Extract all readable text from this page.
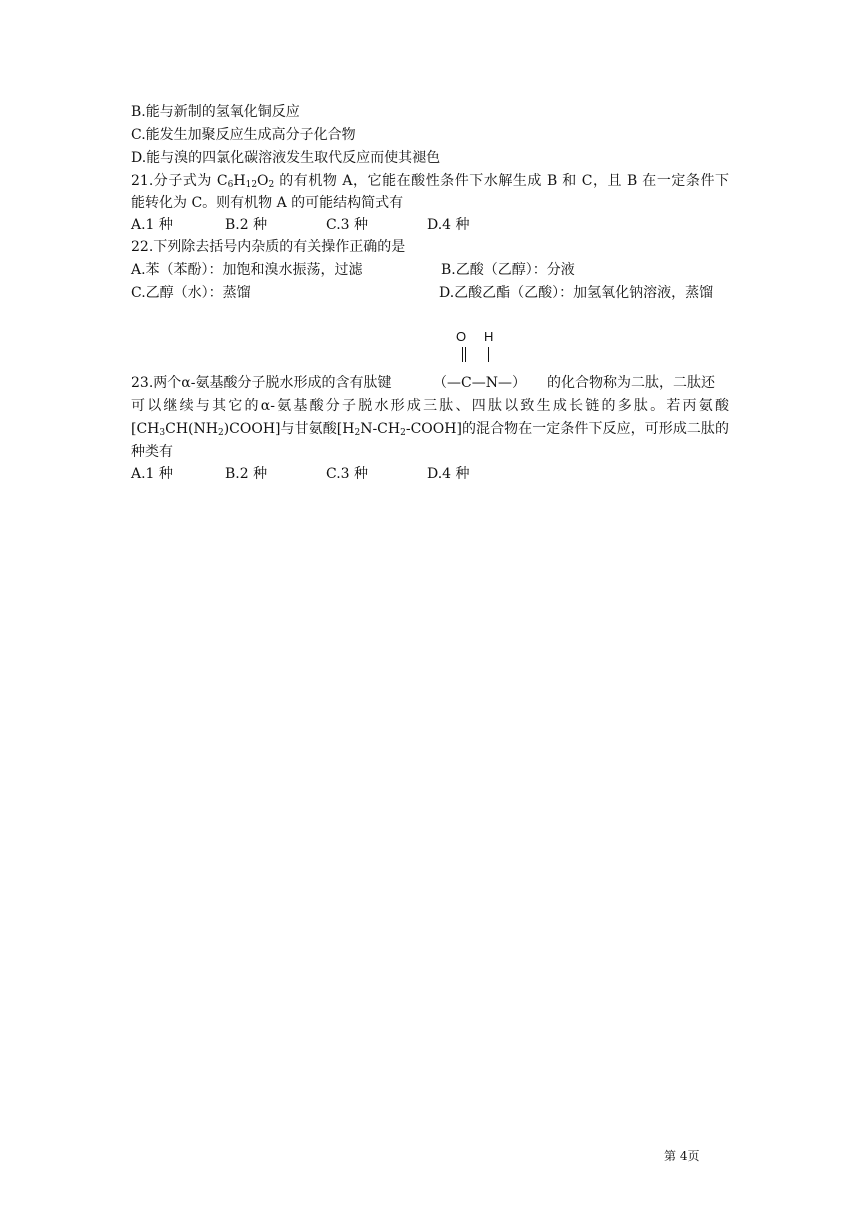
B.能与新制的氢氧化铜反应
C.能发生加聚反应生成高分子化合物
D.能与溴的四氯化碳溶液发生取代反应而使其褪色
21.分子式为 $C_6H_{12}O_2$ 的有机物 A，它能在酸性条件下水解生成 B 和 C，且 B 在一定条件下
能转化为 C。则有机物 A 的可能结构简式有
A.1 种	B.2 种	C.3 种	D.4 种
22.下列除去括号内杂质的有关操作正确的是
A.苯（苯酚）：加饱和溴水振荡，过滤	B.乙酸（乙醇）：分液
C.乙醇（水）：蒸馏	D.乙酸乙酯（乙酸）：加氢氧化钠溶液，蒸馏
O H
23.两个α-氨基酸分子脱水形成的含有肽键	（—C—N—） 的化合物称为二肽，二肽还
可以继续与其它的α-氨基酸分子脱水形成三肽、四肽以致生成长链的多肽。若丙氨酸
$[CH_3CH(NH_2)COOH]$与甘氨酸$[H_2N-CH_2-COOH]$的混合物在一定条件下反应，可形成二肽的
种类有
A.1 种	B.2 种	C.3 种	D.4 种
第 4页
